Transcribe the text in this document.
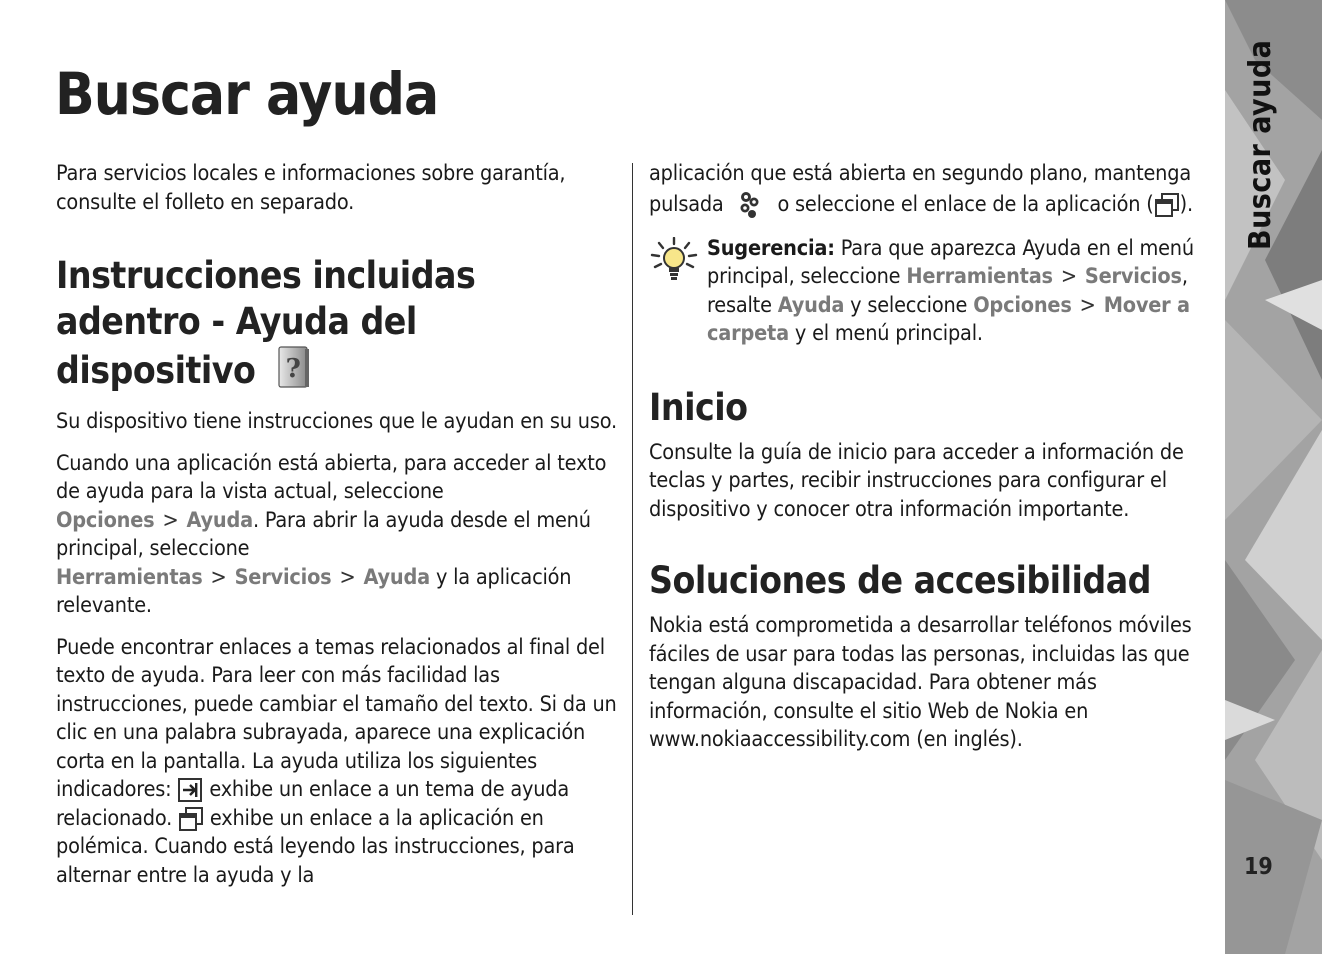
Buscar ayuda

Para servicios locales e informaciones sobre garantía, consulte el folleto en separado.

Instrucciones incluidas adentro - Ayuda del dispositivo ?

Su dispositivo tiene instrucciones que le ayudan en su uso.

Cuando una aplicación está abierta, para acceder al texto de ayuda para la vista actual, seleccione Opciones > Ayuda. Para abrir la ayuda desde el menú principal, seleccione Herramientas > Servicios > Ayuda y la aplicación relevante.

Puede encontrar enlaces a temas relacionados al final del texto de ayuda. Para leer con más facilidad las instrucciones, puede cambiar el tamaño del texto. Si da un clic en una palabra subrayada, aparece una explicación corta en la pantalla. La ayuda utiliza los siguientes indicadores:  exhibe un enlace a un tema de ayuda relacionado.  exhibe un enlace a la aplicación en polémica. Cuando está leyendo las instrucciones, para alternar entre la ayuda y la

aplicación que está abierta en segundo plano, mantenga pulsada  o seleccione el enlace de la aplicación ( ).

Sugerencia: Para que aparezca Ayuda en el menú principal, seleccione Herramientas > Servicios, resalte Ayuda y seleccione Opciones > Mover a carpeta y el menú principal.

Inicio

Consulte la guía de inicio para acceder a información de teclas y partes, recibir instrucciones para configurar el dispositivo y conocer otra información importante.

Soluciones de accesibilidad

Nokia está comprometida a desarrollar teléfonos móviles fáciles de usar para todas las personas, incluidas las que tengan alguna discapacidad. Para obtener más información, consulte el sitio Web de Nokia en www.nokiaaccessibility.com (en inglés).

Buscar ayuda
19
